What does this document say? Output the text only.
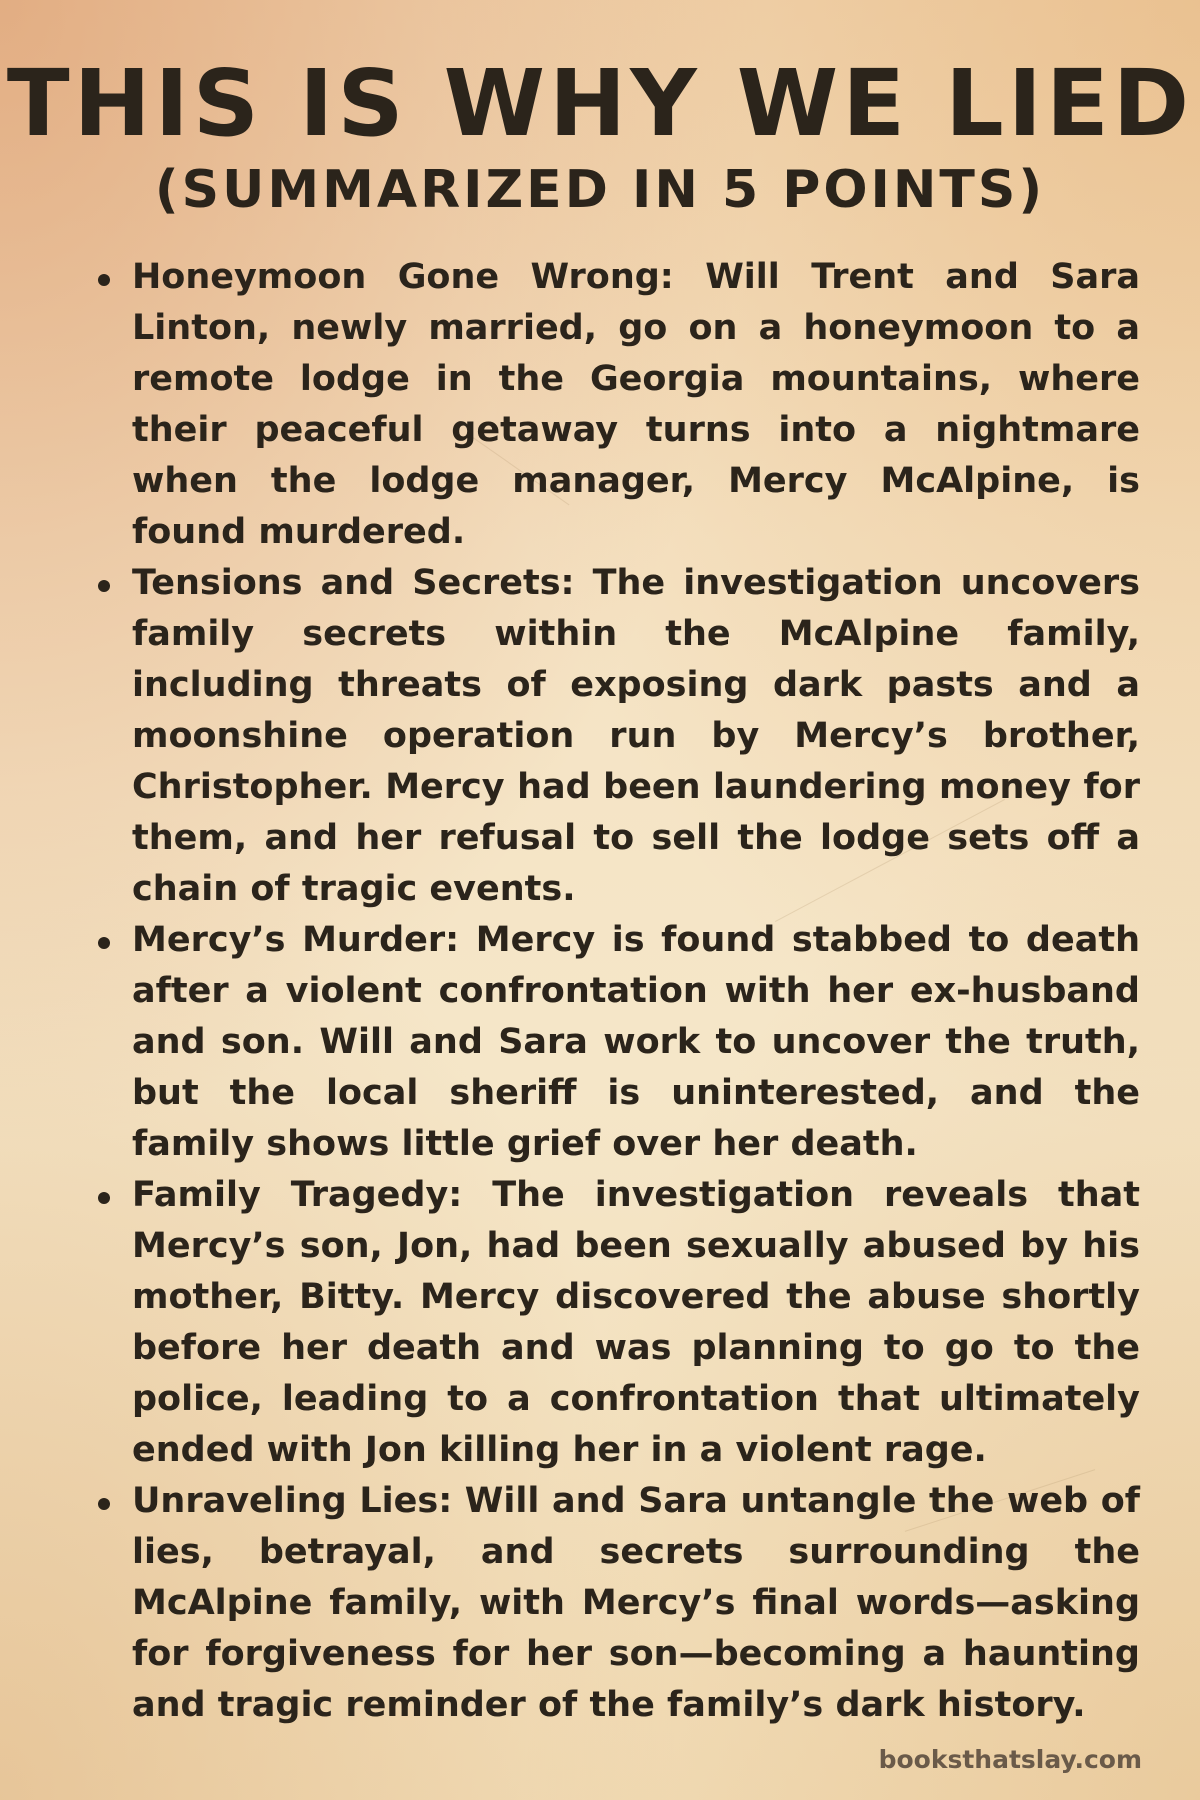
THIS IS WHY WE LIED
(SUMMARIZED IN 5 POINTS)
Honeymoon Gone Wrong: Will Trent and Sara Linton, newly married, go on a honeymoon to a remote lodge in the Georgia mountains, where their peaceful getaway turns into a nightmare when the lodge manager, Mercy McAlpine, is found murdered.
Tensions and Secrets: The investigation uncovers family secrets within the McAlpine family, including threats of exposing dark pasts and a moonshine operation run by Mercy’s brother, Christopher. Mercy had been laundering money for them, and her refusal to sell the lodge sets off a chain of tragic events.
Mercy’s Murder: Mercy is found stabbed to death after a violent confrontation with her ex-husband and son. Will and Sara work to uncover the truth, but the local sheriff is uninterested, and the family shows little grief over her death.
Family Tragedy: The investigation reveals that Mercy’s son, Jon, had been sexually abused by his mother, Bitty. Mercy discovered the abuse shortly before her death and was planning to go to the police, leading to a confrontation that ultimately ended with Jon killing her in a violent rage.
Unraveling Lies: Will and Sara untangle the web of lies, betrayal, and secrets surrounding the McAlpine family, with Mercy’s final words—asking for forgiveness for her son—becoming a haunting and tragic reminder of the family’s dark history.
booksthatslay.com
